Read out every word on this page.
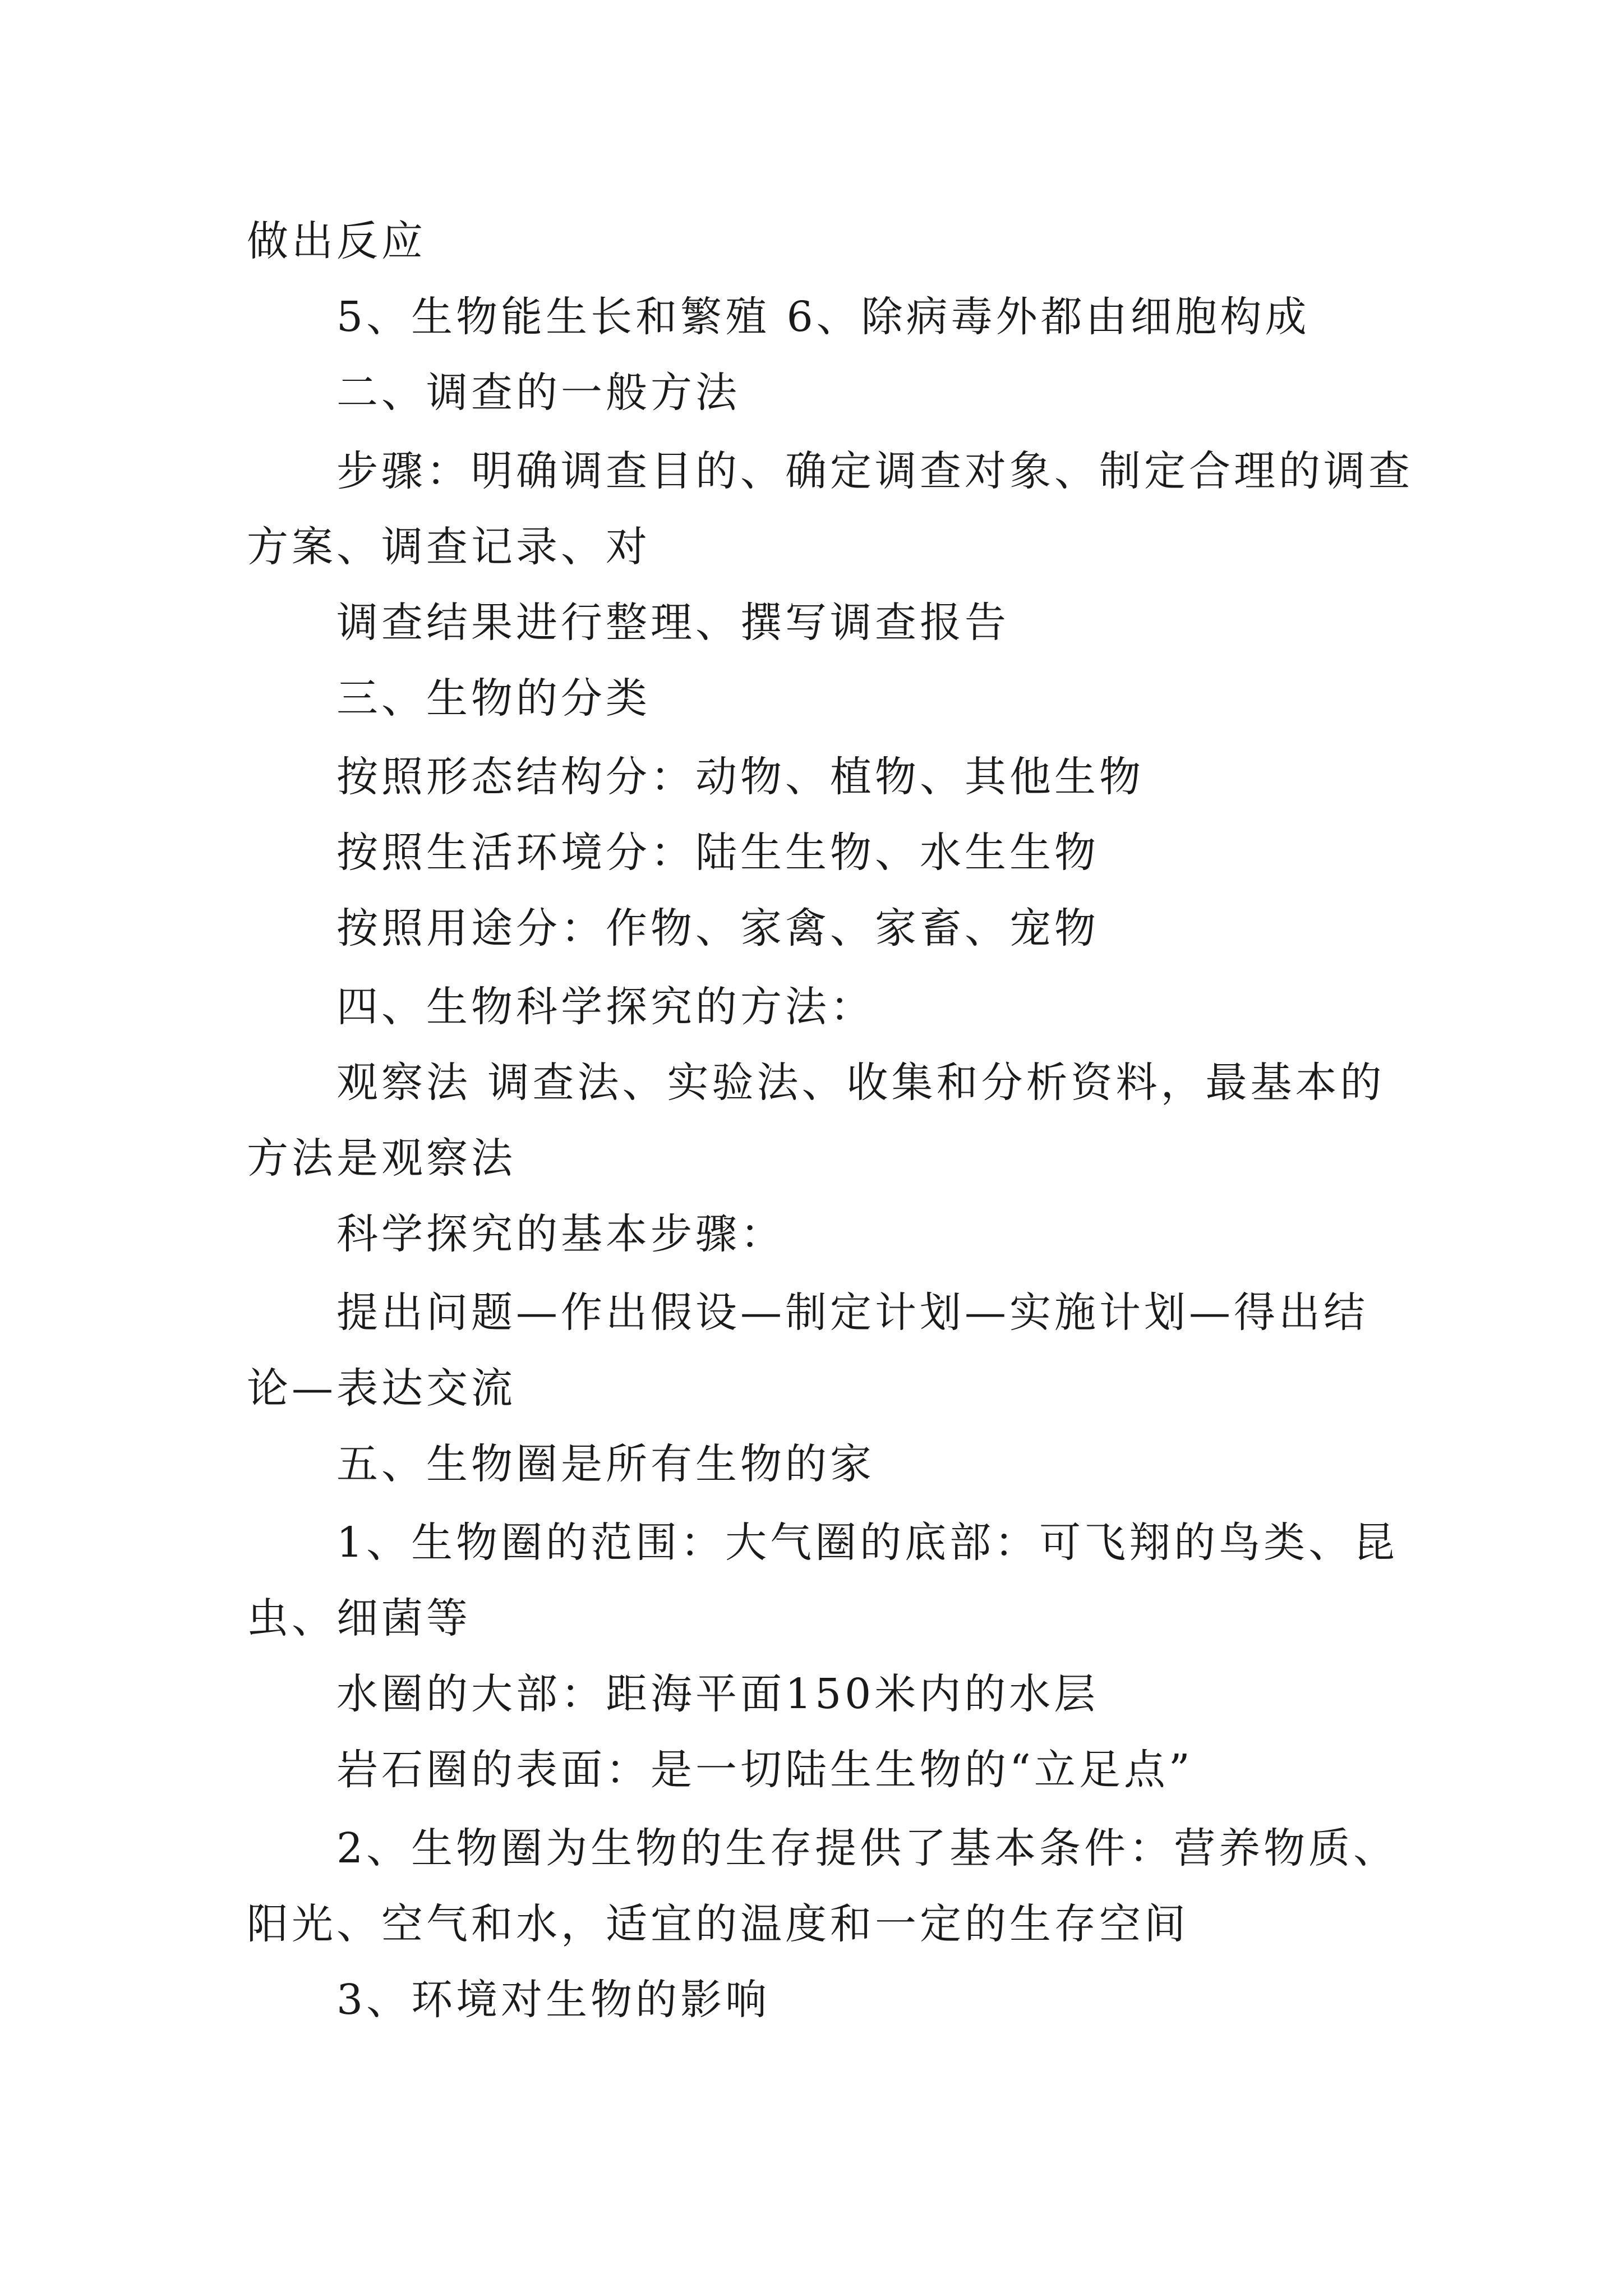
做出反应
5、生物能生长和繁殖 6、除病毒外都由细胞构成
二、调查的一般方法
步骤：明确调查目的、确定调查对象、制定合理的调查
方案、调查记录、对
调查结果进行整理、撰写调查报告
三、生物的分类
按照形态结构分：动物、植物、其他生物
按照生活环境分：陆生生物、水生生物
按照用途分：作物、家禽、家畜、宠物
四、生物科学探究的方法：
观察法 调查法、实验法、收集和分析资料，最基本的
方法是观察法
科学探究的基本步骤：
提出问题—作出假设—制定计划—实施计划—得出结
论—表达交流
五、生物圈是所有生物的家
1、生物圈的范围：大气圈的底部：可飞翔的鸟类、昆
虫、细菌等
水圈的大部：距海平面150米内的水层
岩石圈的表面：是一切陆生生物的“立足点”
2、生物圈为生物的生存提供了基本条件：营养物质、
阳光、空气和水，适宜的温度和一定的生存空间
3、环境对生物的影响
